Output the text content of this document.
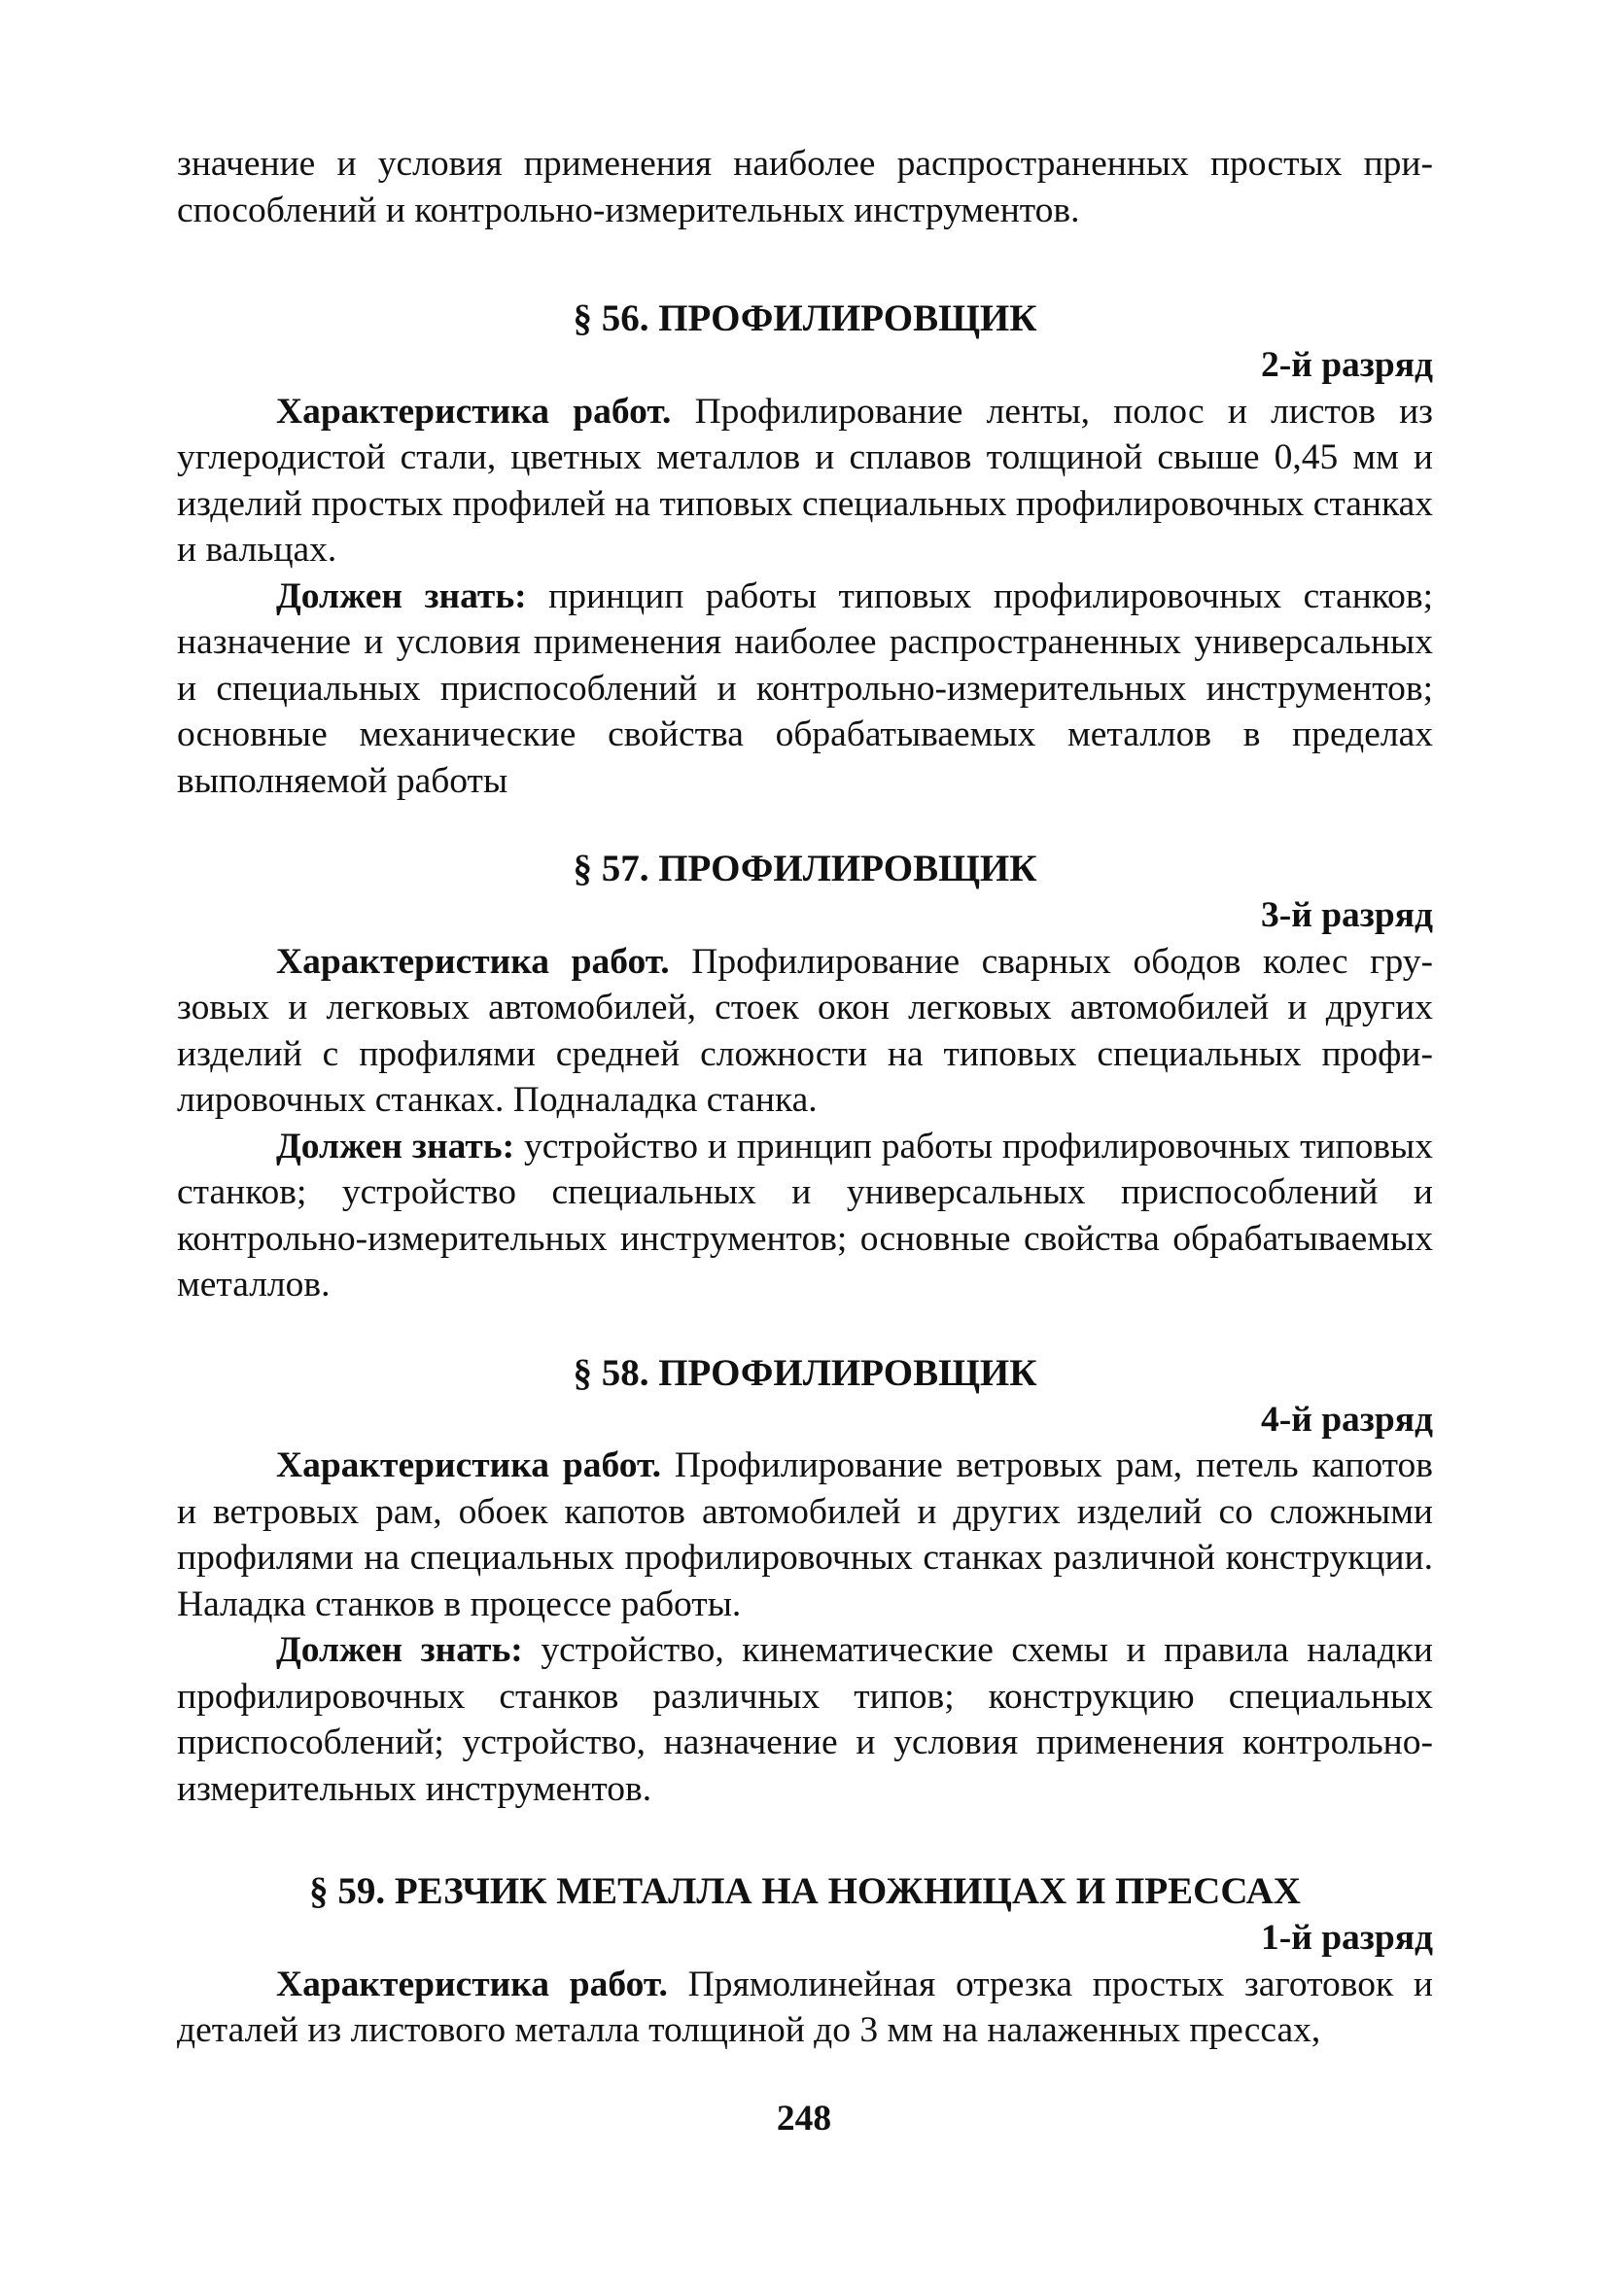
значение и условия применения наиболее распространенных простых приспособлений и контрольно-измерительных инструментов.

§ 56. ПРОФИЛИРОВЩИК

2-й разряд

Характеристика работ. Профилирование ленты, полос и листов из углеродистой стали, цветных металлов и сплавов толщиной свыше 0,45 мм и изделий простых профилей на типовых специальных профилировочных станках и вальцах.

Должен знать: принцип работы типовых профилировочных станков; назначение и условия применения наиболее распространенных универсальных и специальных приспособлений и контрольно-измерительных инструментов; основные механические свойства обрабатываемых металлов в пределах выполняемой работы

§ 57. ПРОФИЛИРОВЩИК

3-й разряд

Характеристика работ. Профилирование сварных ободов колес грузовых и легковых автомобилей, стоек окон легковых автомобилей и других изделий с профилями средней сложности на типовых специальных профилировочных станках. Подналадка станка.

Должен знать: устройство и принцип работы профилировочных типовых станков; устройство специальных и универсальных приспособлений и контрольно-измерительных инструментов; основные свойства обрабатываемых металлов.

§ 58. ПРОФИЛИРОВЩИК

4-й разряд

Характеристика работ. Профилирование ветровых рам, петель капотов и ветровых рам, обоек капотов автомобилей и других изделий со сложными профилями на специальных профилировочных станках различной конструкции. Наладка станков в процессе работы.

Должен знать: устройство, кинематические схемы и правила наладки профилировочных станков различных типов; конструкцию специальных приспособлений; устройство, назначение и условия применения контрольно-измерительных инструментов.

§ 59. РЕЗЧИК МЕТАЛЛА НА НОЖНИЦАХ И ПРЕССАХ

1-й разряд

Характеристика работ. Прямолинейная отрезка простых заготовок и деталей из листового металла толщиной до 3 мм на налаженных прессах,

248
